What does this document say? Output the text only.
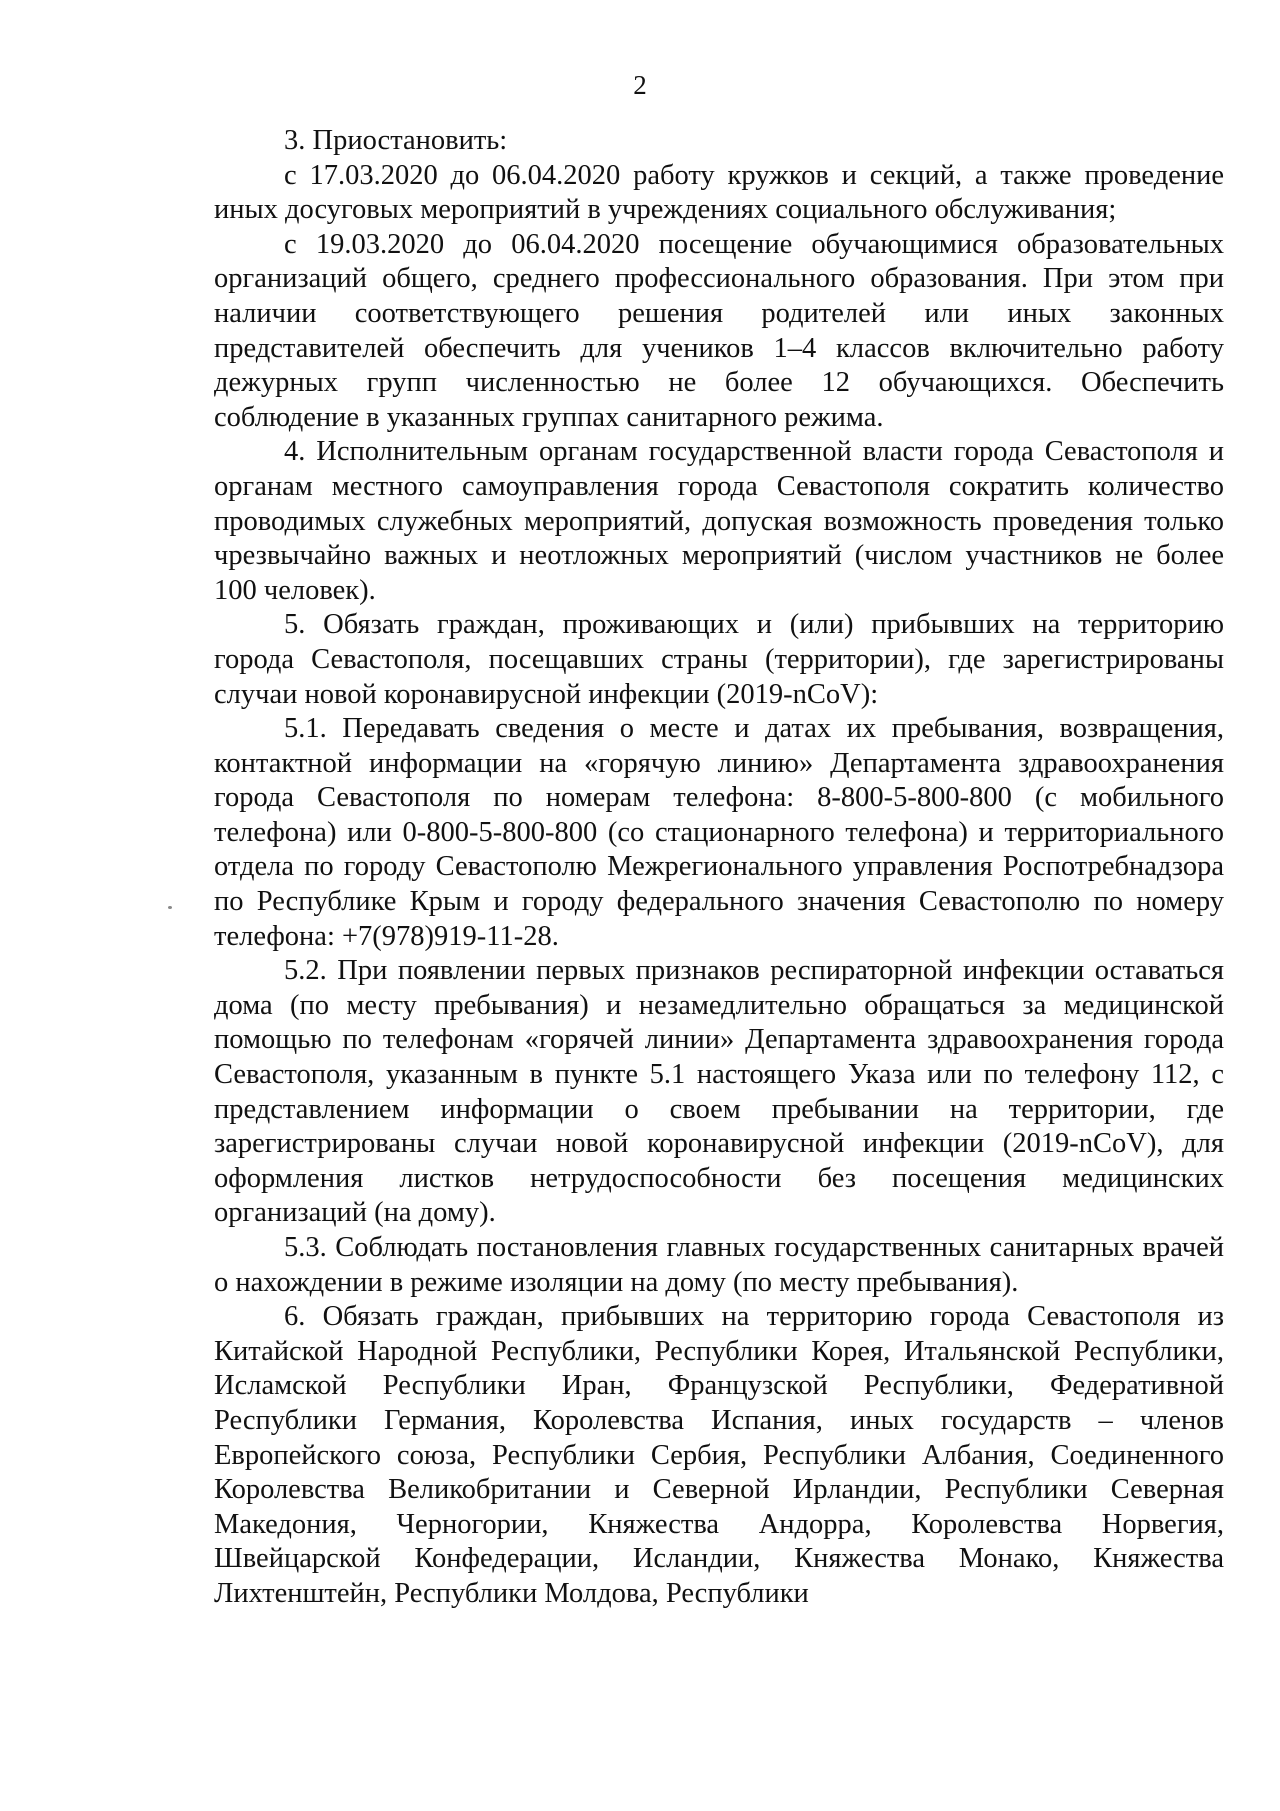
2

3. Приостановить:

с 17.03.2020 до 06.04.2020 работу кружков и секций, а также проведение иных досуговых мероприятий в учреждениях социального обслуживания;

с 19.03.2020 до 06.04.2020 посещение обучающимися образовательных организаций общего, среднего профессионального образования. При этом при наличии соответствующего решения родителей или иных законных представителей обеспечить для учеников 1–4 классов включительно работу дежурных групп численностью не более 12 обучающихся. Обеспечить соблюдение в указанных группах санитарного режима.

4. Исполнительным органам государственной власти города Севастополя и органам местного самоуправления города Севастополя сократить количество проводимых служебных мероприятий, допуская возможность проведения только чрезвычайно важных и неотложных мероприятий (числом участников не более 100 человек).

5. Обязать граждан, проживающих и (или) прибывших на территорию города Севастополя, посещавших страны (территории), где зарегистрированы случаи новой коронавирусной инфекции (2019-nCoV):

5.1. Передавать сведения о месте и датах их пребывания, возвращения, контактной информации на «горячую линию» Департамента здравоохранения города Севастополя по номерам телефона: 8-800-5-800-800 (с мобильного телефона) или 0-800-5-800-800 (со стационарного телефона) и территориального отдела по городу Севастополю Межрегионального управления Роспотребнадзора по Республике Крым и городу федерального значения Севастополю по номеру телефона: +7(978)919-11-28.

5.2. При появлении первых признаков респираторной инфекции оставаться дома (по месту пребывания) и незамедлительно обращаться за медицинской помощью по телефонам «горячей линии» Департамента здравоохранения города Севастополя, указанным в пункте 5.1 настоящего Указа или по телефону 112, с представлением информации о своем пребывании на территории, где зарегистрированы случаи новой коронавирусной инфекции (2019-nCoV), для оформления листков нетрудоспособности без посещения медицинских организаций (на дому).

5.3. Соблюдать постановления главных государственных санитарных врачей о нахождении в режиме изоляции на дому (по месту пребывания).

6. Обязать граждан, прибывших на территорию города Севастополя из Китайской Народной Республики, Республики Корея, Итальянской Республики, Исламской Республики Иран, Французской Республики, Федеративной Республики Германия, Королевства Испания, иных государств – членов Европейского союза, Республики Сербия, Республики Албания, Соединенного Королевства Великобритании и Северной Ирландии, Республики Северная Македония, Черногории, Княжества Андорра, Королевства Норвегия, Швейцарской Конфедерации, Исландии, Княжества Монако, Княжества Лихтенштейн, Республики Молдова, Республики
